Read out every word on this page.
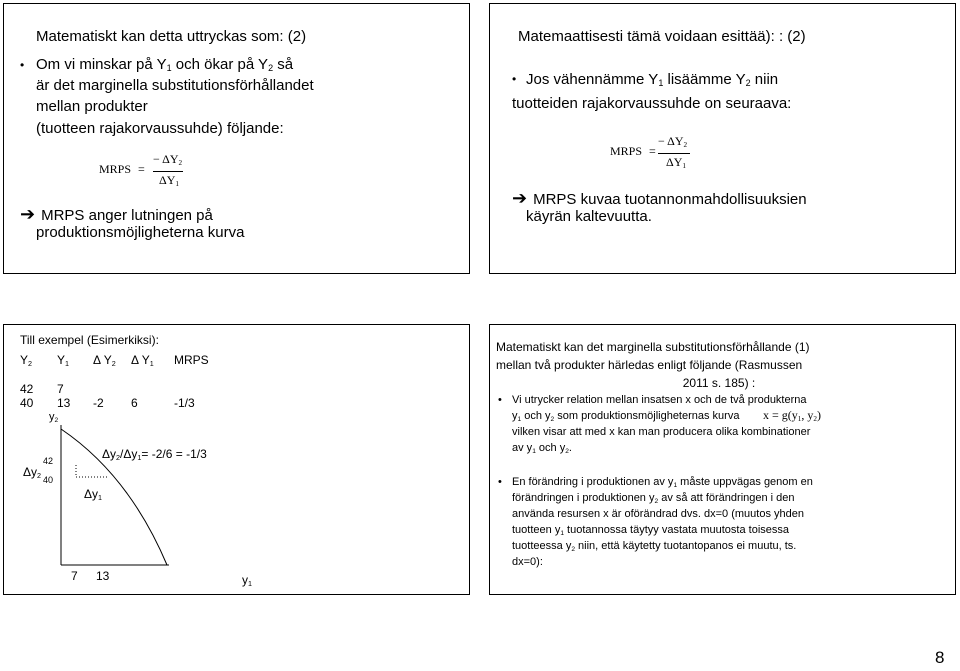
Matematiskt kan detta uttryckas som: (2)
• Om vi minskar på $Y_1$ och ökar på $Y_2$ så
är det marginella substitutionsförhållandet
mellan produkter
(tuotteen rajakorvaussuhde) följande:
MRPS =
− $\Delta Y_2$
$\Delta Y_1$
➔ MRPS anger lutningen på
produktionsmöjligheterna kurva
Matemaattisesti tämä voidaan esittää): : (2)
• Jos vähennämme $Y_1$ lisäämme $Y_2$ niin
tuotteiden rajakorvaussuhde on seuraava:
MRPS =
− $\Delta Y_2$
$\Delta Y_1$
➔ MRPS kuvaa tuotannonmahdollisuuksien
käyrän kaltevuutta.
Till exempel (Esimerkiksi):
$Y_2$ $Y_1$ Δ $Y_2$ Δ $Y_1$ MRPS
42 7
40 13 -2 6	-1/3
$y_2$
42
40
$\Delta y_2$
$\Delta y_1$
$\Delta y_2/\Delta y_1= -2/6 = -1/3$
7 13	$y_1$
Matematiskt kan det marginella substitutionsförhållande (1)
mellan två produkter härledas enligt följande (Rasmussen
2011 s. 185) :
• Vi utrycker relation mellan insatsen x och de två produkterna
$y_1$ och $y_2$ som produktionsmöjligheternas kurva $x = g(y_1$, $y_2$)
vilken visar att med x kan man producera olika kombinationer
av $y_1$ och $y_2$.
• En förändring i produktionen av $y_1$ måste uppvägas genom en
förändringen i produktionen $y_2$ av så att förändringen i den
använda resursen x är oförändrad dvs. dx=0 (muutos yhden
tuotteen $y_1$ tuotannossa täytyy vastata muutosta toisessa
tuotteessa $y_2$ niin, että käytetty tuotantopanos ei muutu, ts.
dx=0):
8
